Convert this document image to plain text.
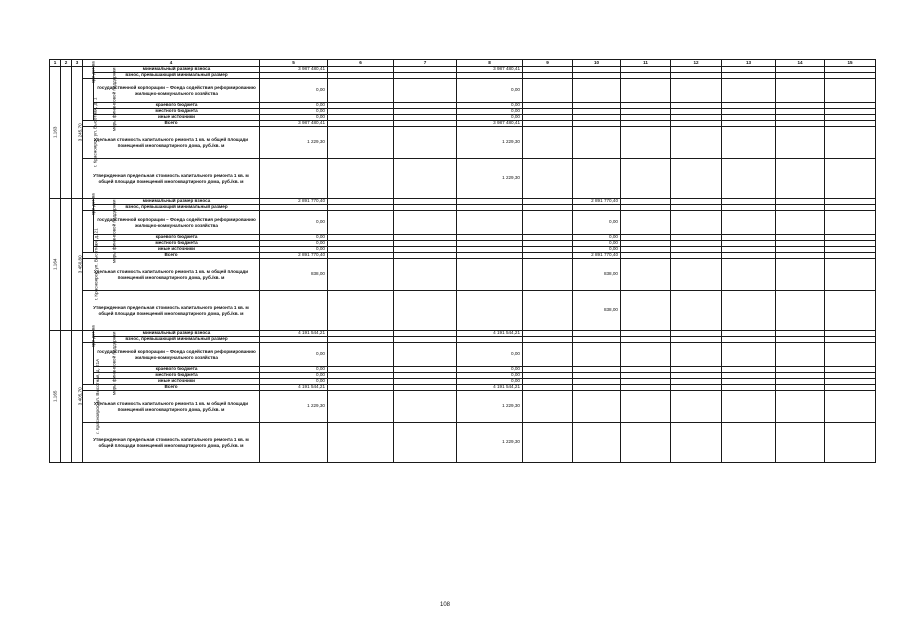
1	2	3	4		5	6	7	8	9	10	11	12	13	14	15
1.163	г. Красноярск, ул. Высотная, д. 1	3 245,70	сре дст ва	минимальный размер взноса	3 987 480,41			3 987 480,41							
				взнос, превышающий минимальный размер											
			меры финансовой поддержки	государственной корпорации – Фонда содействия реформированию жилищно-коммунального хозяйства	0,00			0,00							
				краевого бюджета	0,00			0,00							
				местного бюджета	0,00			0,00							
				иные источники	0,00			0,00							
			Всего		3 987 480,41			3 987 480,41							
			Удельная стоимость капитального ремонта 1 кв. м общей площади помещений многоквартирного дома, руб./кв. м		1 229,30			1 229,30							
			Утвержденная предельная стоимость капитального ремонта 1 кв. м общей площади помещений многоквартирного дома, руб./кв. м					1 229,30							
1.164	г. Красноярск, ул. Высотная, д. 21	3 450,80	сре дст ва	минимальный размер взноса	2 891 770,40					2 891 770,40					
				взнос, превышающий минимальный размер											
			меры финансовой поддержки	государственной корпорации – Фонда содействия реформированию жилищно-коммунального хозяйства	0,00					0,00					
				краевого бюджета	0,00					0,00					
				местного бюджета	0,00					0,00					
				иные источники	0,00					0,00					
			Всего		2 891 770,40					2 891 770,40					
			Удельная стоимость капитального ремонта 1 кв. м общей площади помещений многоквартирного дома, руб./кв. м		838,00					838,00					
			Утвержденная предельная стоимость капитального ремонта 1 кв. м общей площади помещений многоквартирного дома, руб./кв. м							838,00					
1.165	г. Красноярск, ул. Высотная, д. 21А	3 405,70	сре дст ва	минимальный размер взноса	4 191 544,21			4 191 544,21							
				взнос, превышающий минимальный размер											
			меры финансовой поддержки	государственной корпорации – Фонда содействия реформированию жилищно-коммунального хозяйства	0,00			0,00							
				краевого бюджета	0,00			0,00							
				местного бюджета	0,00			0,00							
				иные источники	0,00			0,00							
			Всего		4 191 544,21			4 191 544,21							
			Удельная стоимость капитального ремонта 1 кв. м общей площади помещений многоквартирного дома, руб./кв. м		1 229,30			1 229,30							
			Утвержденная предельная стоимость капитального ремонта 1 кв. м общей площади помещений многоквартирного дома, руб./кв. м					1 229,30							
108
